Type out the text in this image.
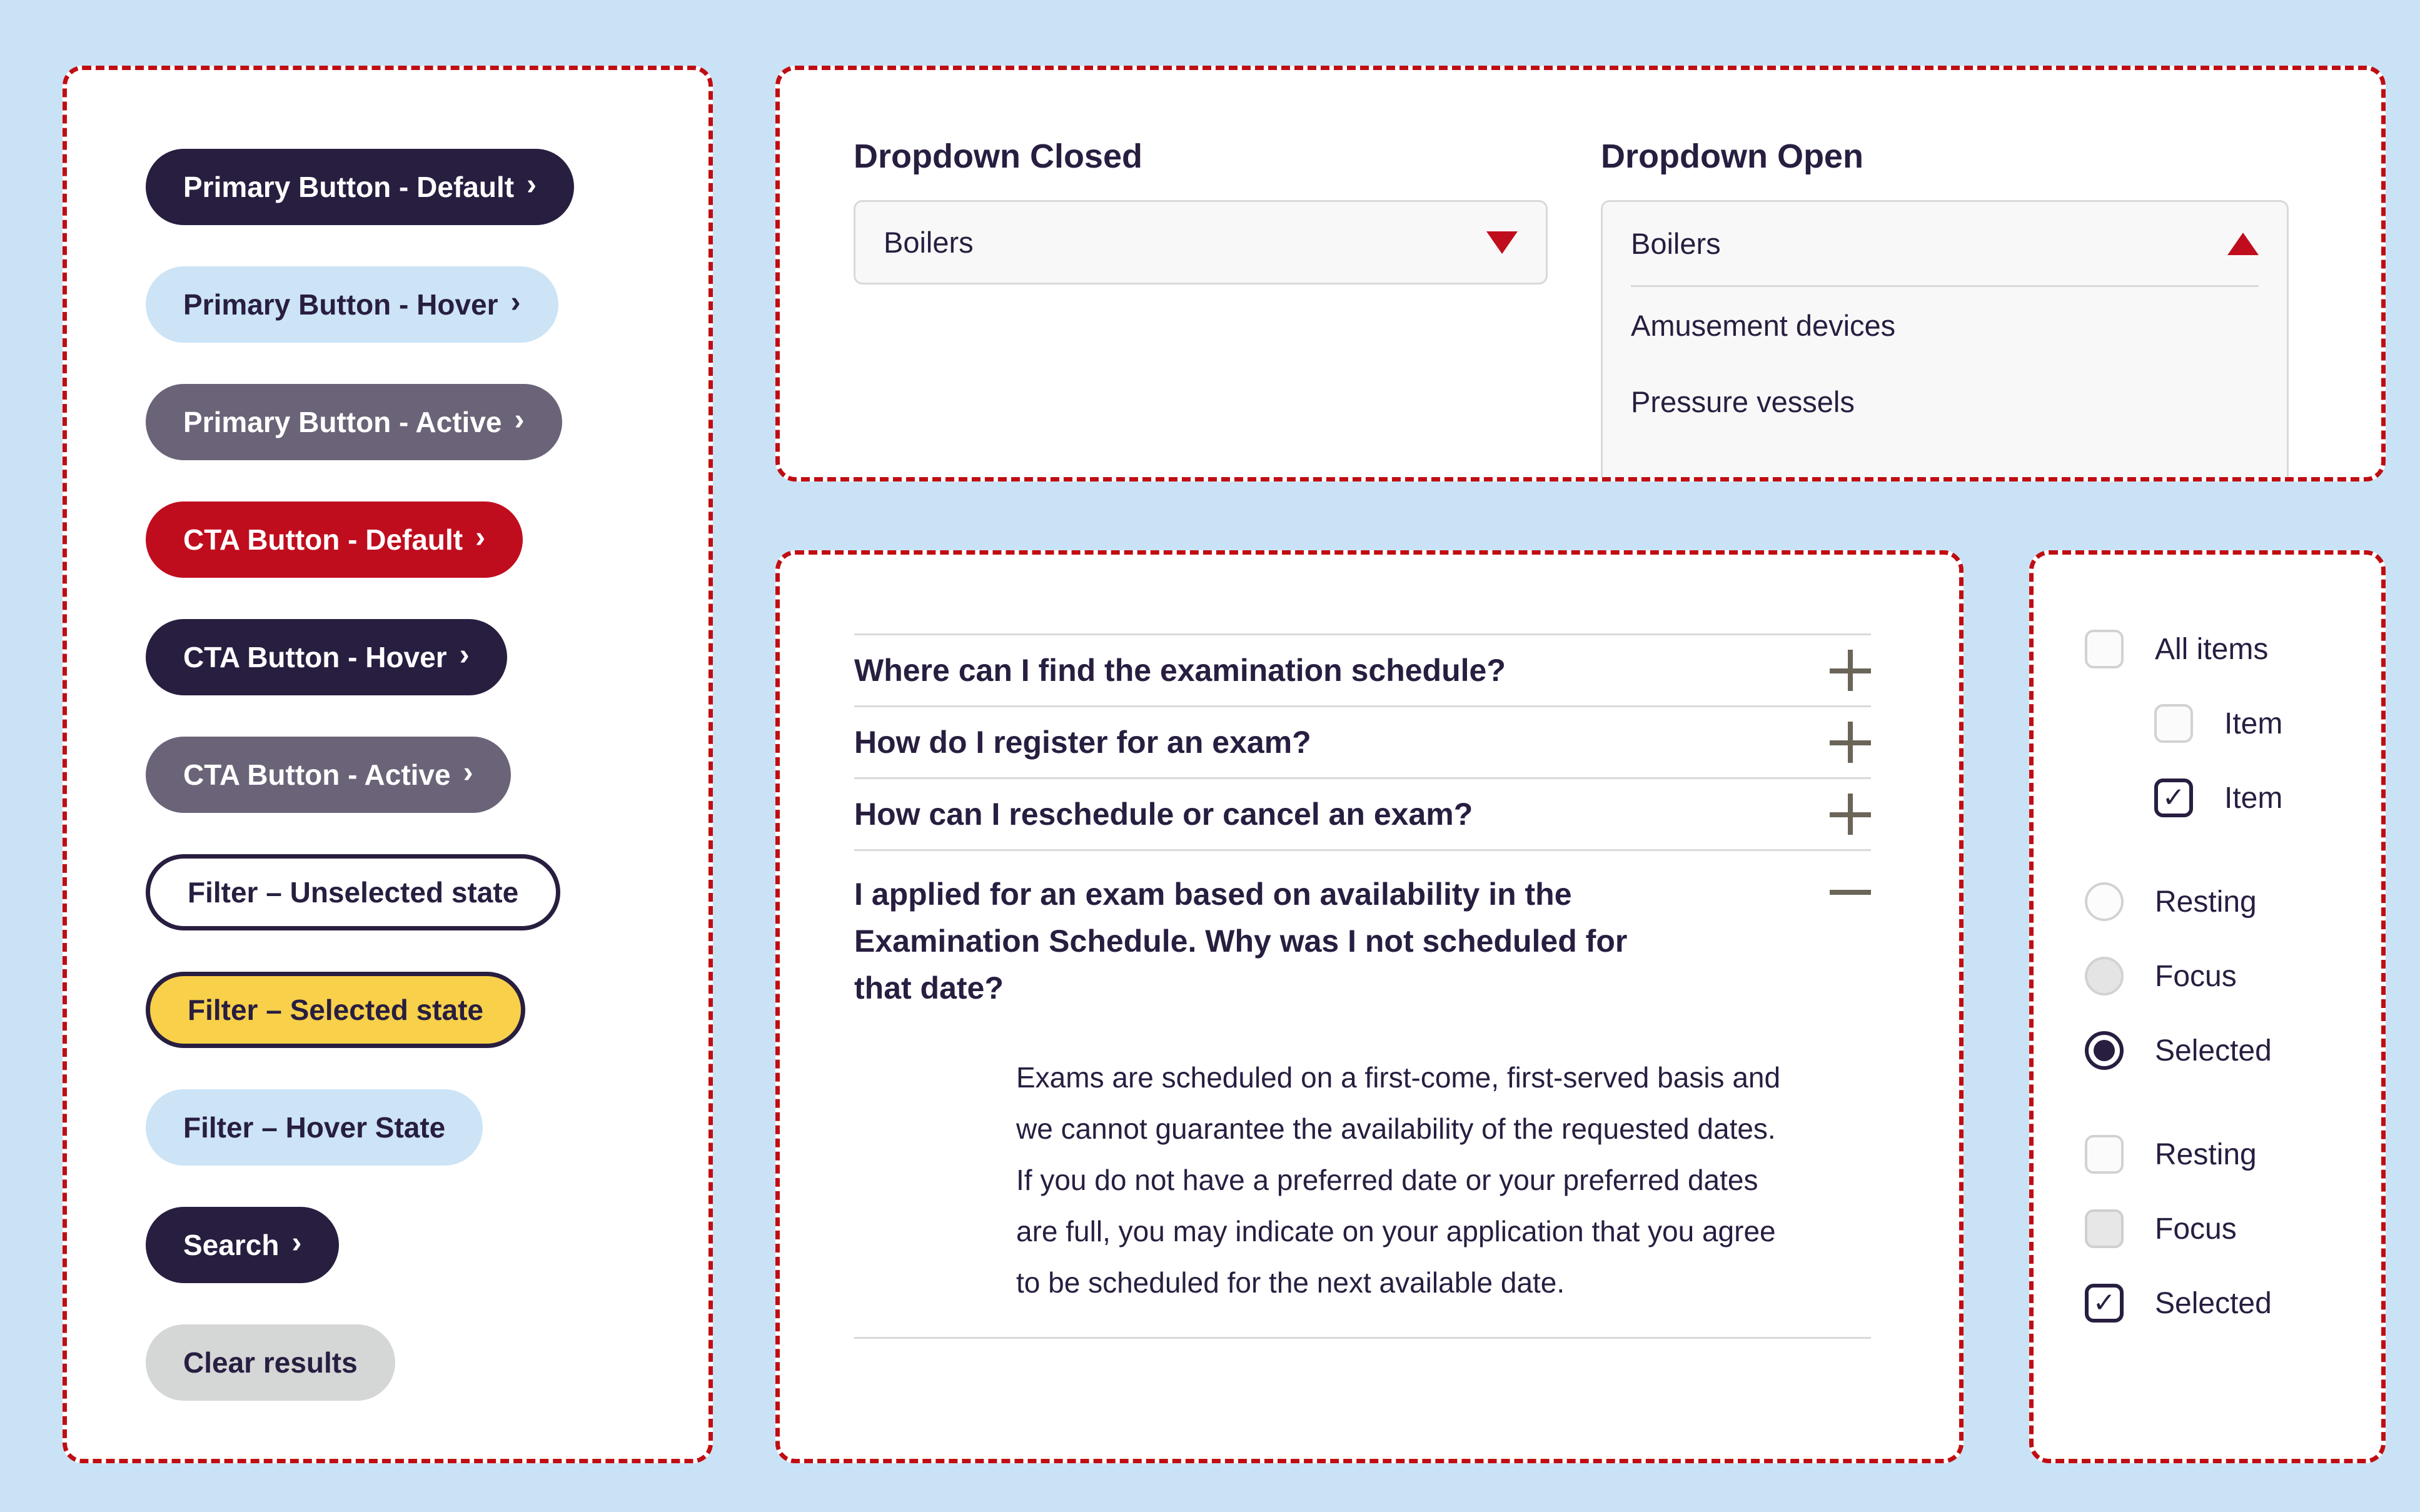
Primary Button - Default ›
Primary Button - Hover ›
Primary Button - Active ›
CTA Button - Default ›
CTA Button - Hover ›
CTA Button - Active ›
Filter – Unselected state
Filter – Selected state
Filter – Hover State
Search ›
Clear results
Dropdown Closed
Boilers
Dropdown Open
Boilers
Amusement devices
Pressure vessels
Where can I find the examination schedule?
How do I register for an exam?
How can I reschedule or cancel an exam?
I applied for an exam based on availability in the Examination Schedule. Why was I not scheduled for that date?

Exams are scheduled on a first-come, first-served basis and we cannot guarantee the availability of the requested dates. If you do not have a preferred date or your preferred dates are full, you may indicate on your application that you agree to be scheduled for the next available date.

All items
Item
✓ Item
Resting
Focus
Selected
Resting
Focus
✓ Selected
